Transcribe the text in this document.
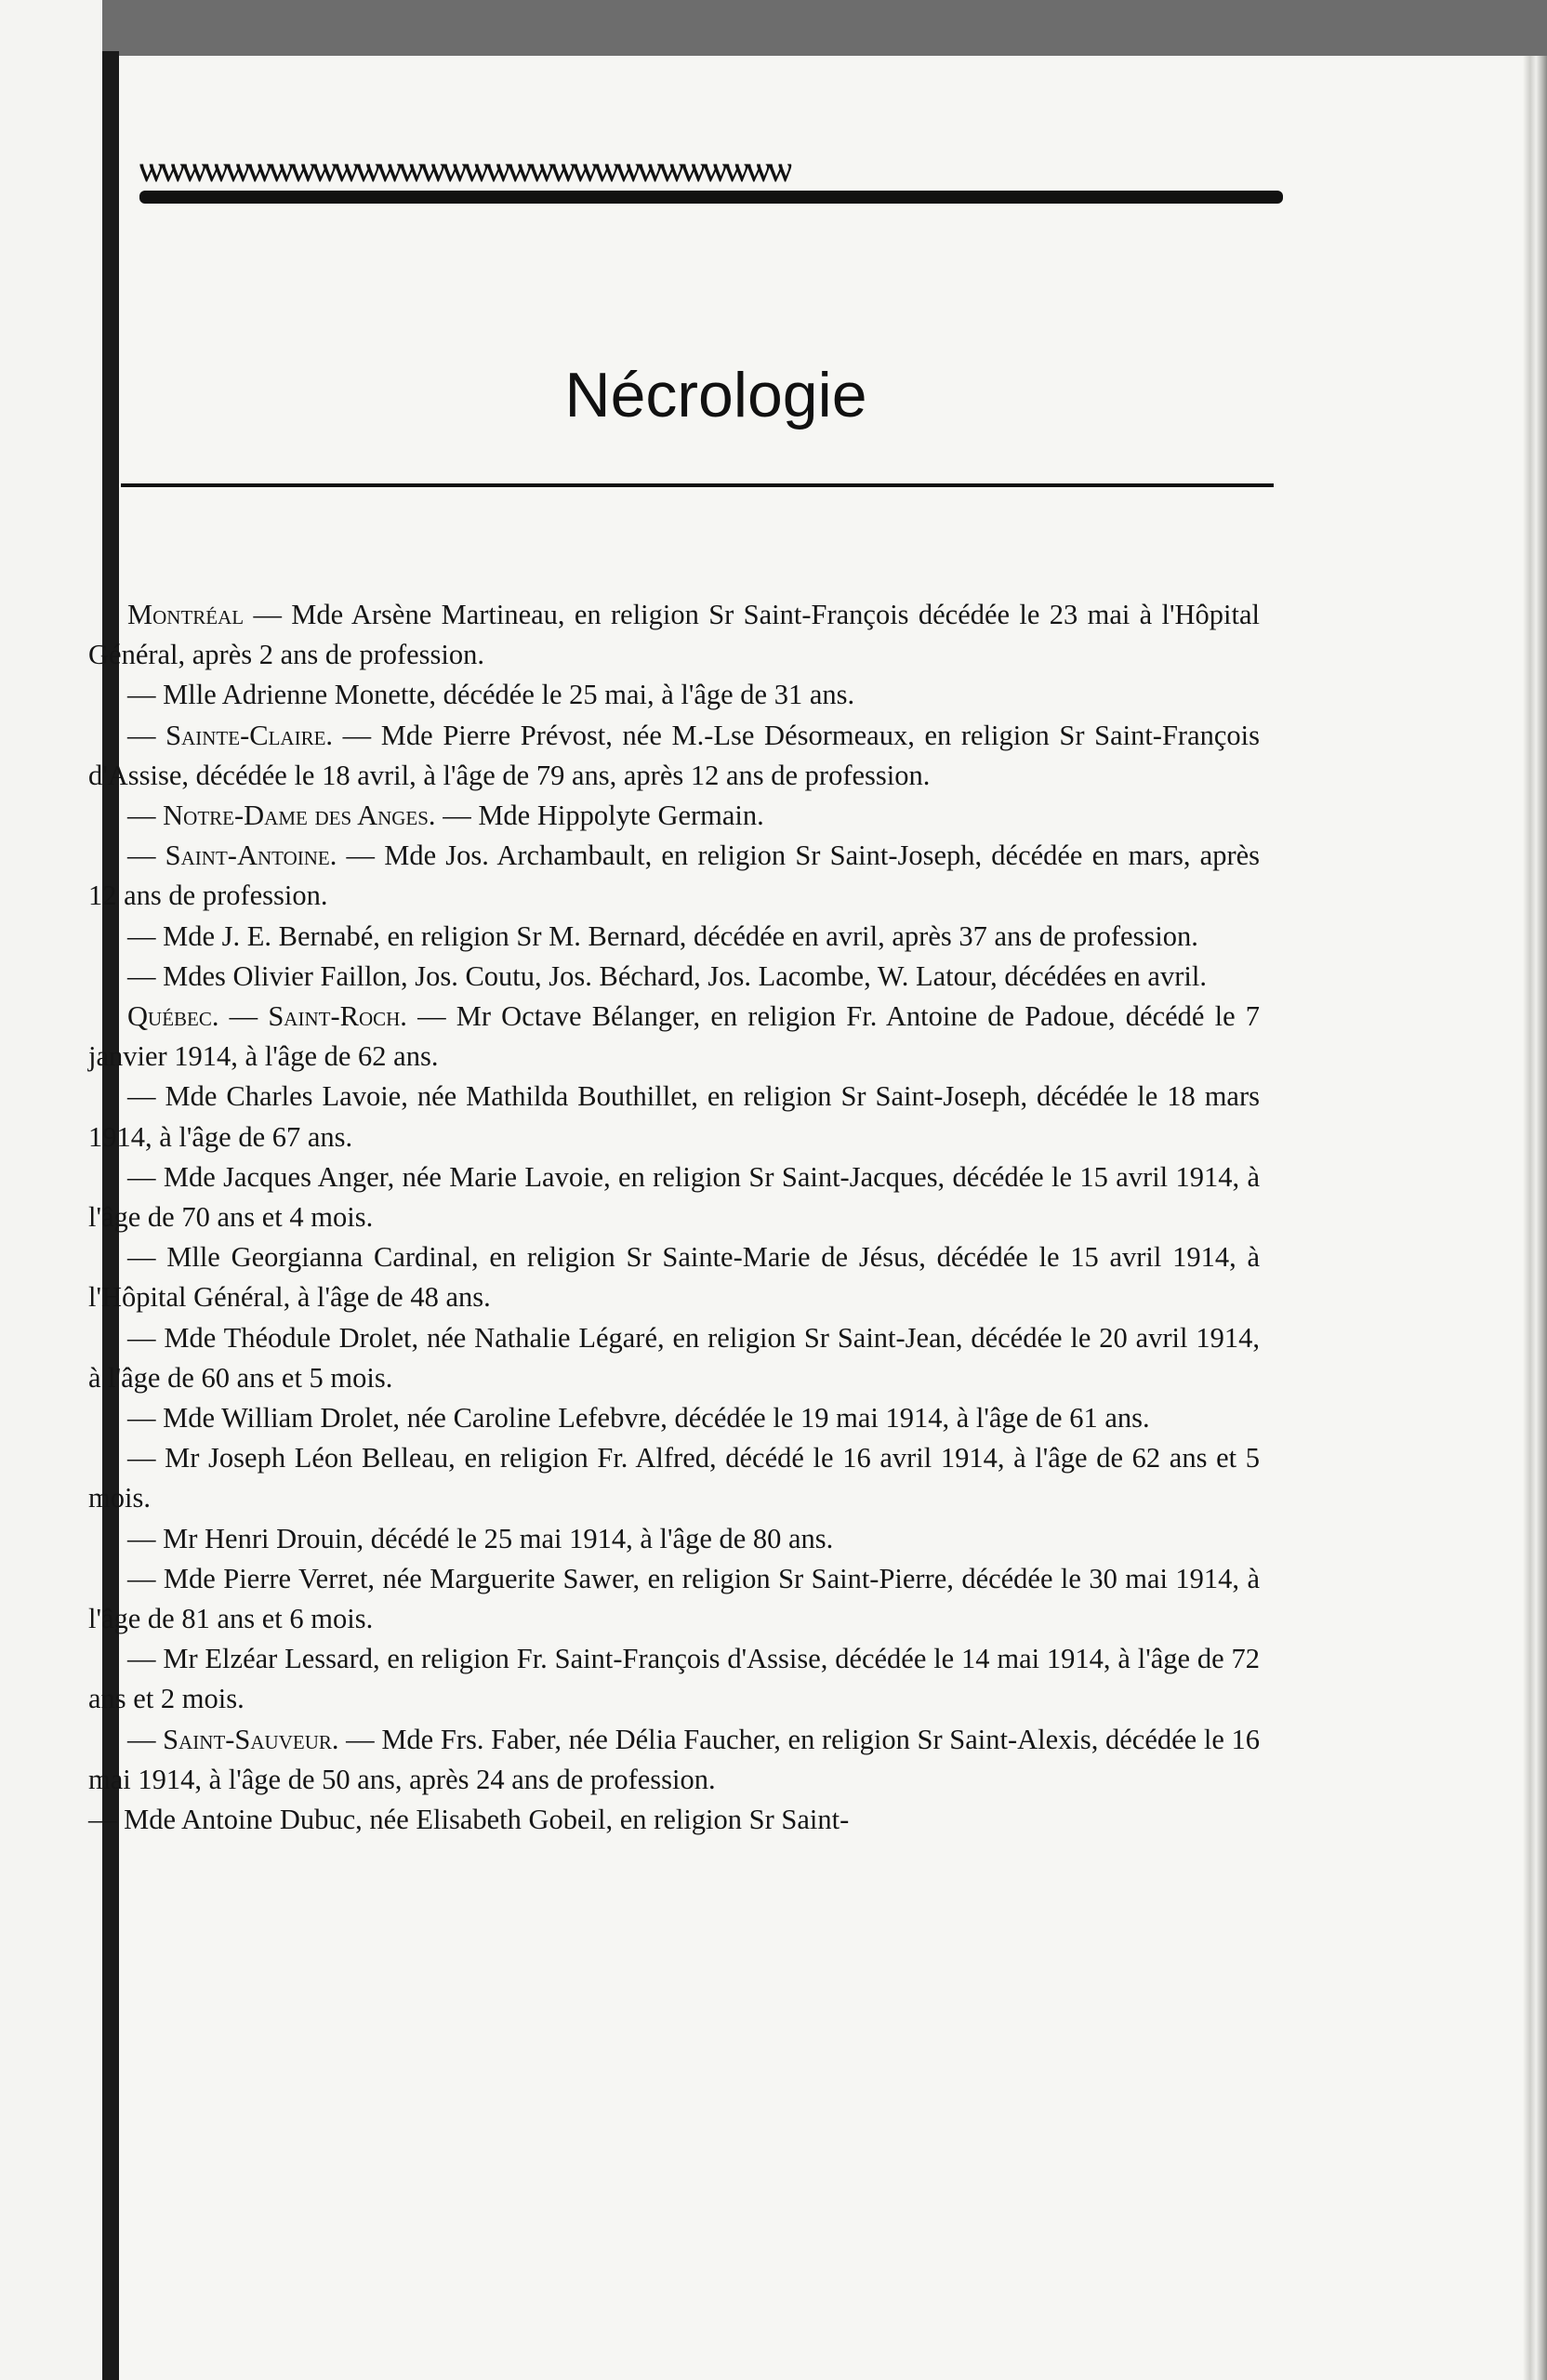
ѡѡѡѡѡѡѡѡѡѡѡѡѡѡѡѡѡѡѡѡѡѡѡѡѡѡѡѡѡѡ
Nécrologie

Montréal — Mde Arsène Martineau, en religion Sr Saint-François décédée le 23 mai à l'Hôpital Général, après 2 ans de profession.

— Mlle Adrienne Monette, décédée le 25 mai, à l'âge de 31 ans.

— Sainte-Claire. — Mde Pierre Prévost, née M.-Lse Désormeaux, en religion Sr Saint-François d'Assise, décédée le 18 avril, à l'âge de 79 ans, après 12 ans de profession.

— Notre-Dame des Anges. — Mde Hippolyte Germain.

— Saint-Antoine. — Mde Jos. Archambault, en religion Sr Saint-Joseph, décédée en mars, après 12 ans de profession.

— Mde J. E. Bernabé, en religion Sr M. Bernard, décédée en avril, après 37 ans de profession.

— Mdes Olivier Faillon, Jos. Coutu, Jos. Béchard, Jos. Lacombe, W. Latour, décédées en avril.

Québec. — Saint-Roch. — Mr Octave Bélanger, en religion Fr. Antoine de Padoue, décédé le 7 janvier 1914, à l'âge de 62 ans.

— Mde Charles Lavoie, née Mathilda Bouthillet, en religion Sr Saint-Joseph, décédée le 18 mars 1914, à l'âge de 67 ans.

— Mde Jacques Anger, née Marie Lavoie, en religion Sr Saint-Jacques, décédée le 15 avril 1914, à l'âge de 70 ans et 4 mois.

— Mlle Georgianna Cardinal, en religion Sr Sainte-Marie de Jésus, décédée le 15 avril 1914, à l'Hôpital Général, à l'âge de 48 ans.

— Mde Théodule Drolet, née Nathalie Légaré, en religion Sr Saint-Jean, décédée le 20 avril 1914, à l'âge de 60 ans et 5 mois.

— Mde William Drolet, née Caroline Lefebvre, décédée le 19 mai 1914, à l'âge de 61 ans.

— Mr Joseph Léon Belleau, en religion Fr. Alfred, décédé le 16 avril 1914, à l'âge de 62 ans et 5 mois.

— Mr Henri Drouin, décédé le 25 mai 1914, à l'âge de 80 ans.

— Mde Pierre Verret, née Marguerite Sawer, en religion Sr Saint-Pierre, décédée le 30 mai 1914, à l'âge de 81 ans et 6 mois.

— Mr Elzéar Lessard, en religion Fr. Saint-François d'Assise, décédée le 14 mai 1914, à l'âge de 72 ans et 2 mois.

— Saint-Sauveur. — Mde Frs. Faber, née Délia Faucher, en religion Sr Saint-Alexis, décédée le 16 mai 1914, à l'âge de 50 ans, après 24 ans de profession.

— Mde Antoine Dubuc, née Elisabeth Gobeil, en religion Sr Saint-
